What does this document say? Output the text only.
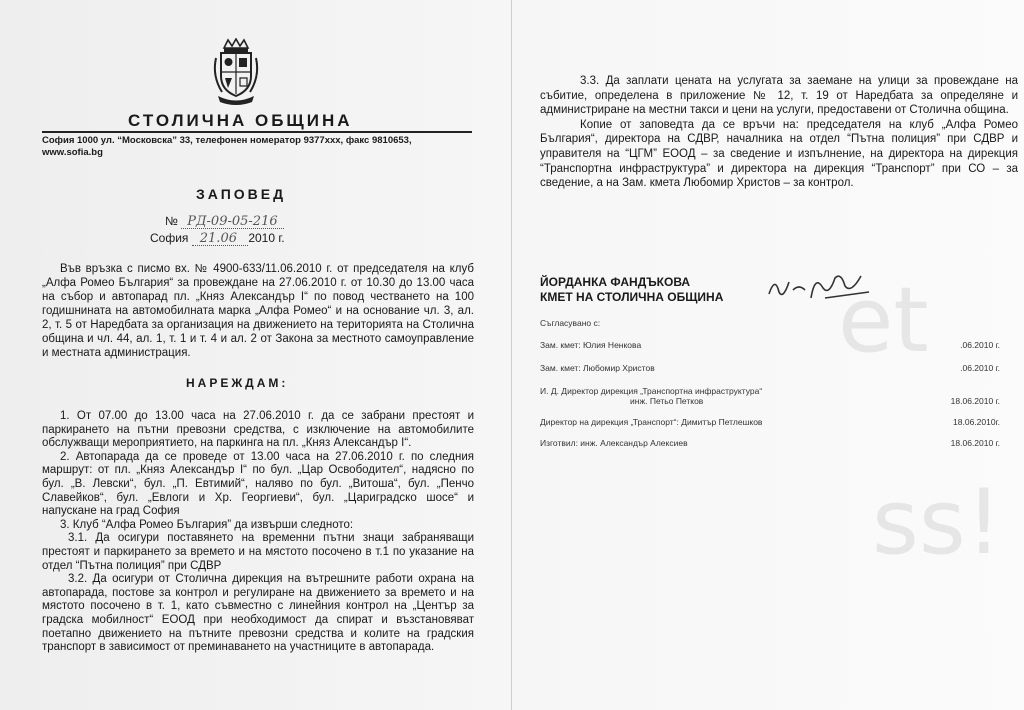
et
ss!
СТОЛИЧНА ОБЩИНА
София 1000 ул. “Московска” 33, телефонен номератор 9377xxx, факс 9810653,
www.sofia.bg
ЗАПОВЕД
№ РД-09-05-216
София 21.06 2010 г.
Във връзка с писмо вх. № 4900-633/11.06.2010 г. от председателя на клуб „Алфа Ромео България“ за провеждане на 27.06.2010 г. от 10.30 до 13.00 часа на събор и автопарад пл. „Княз Александър I“ по повод честването на 100 годишнината на автомобилната марка „Алфа Ромео“ и на основание чл. 3, ал. 2, т. 5 от Наредбата за организация на движението на територията на Столична община и чл. 44, ал. 1, т. 1 и т. 4 и ал. 2 от Закона за местното самоуправление и местната администрация.
НАРЕЖДАМ:

1. От 07.00 до 13.00 часа на 27.06.2010 г. да се забрани престоят и паркирането на пътни превозни средства, с изключение на автомобилите обслужващи мероприятието, на паркинга на пл. „Княз Александър I“.

2. Автопарада да се проведе от 13.00 часа на 27.06.2010 г. по следния маршрут: от пл. „Княз Александър I“ по бул. „Цар Освободител“, надясно по бул. „В. Левски“, бул. „П. Евтимий“, наляво по бул. „Витоша“, бул. „Пенчо Славейков“, бул. „Евлоги и Хр. Георгиеви“, бул. „Цариградско шосе“ и напускане на град София

3. Клуб “Алфа Ромео България” да извърши следното:

3.1. Да осигури поставянето на временни пътни знаци забраняващи престоят и паркирането за времето и на мястото посочено в т.1 по указание на отдел “Пътна полиция” при СДВР

3.2. Да осигури от Столична дирекция на вътрешните работи охрана на автопарада, постове за контрол и регулиране на движението за времето и на мястото посочено в т. 1, като съвместно с линейния контрол на „Център за градска мобилност“ ЕООД при необходимост да спират и възстановяват поетапно движението на пътните превозни средства и колите на градския транспорт в зависимост от преминаването на участниците в автопарада.

3.3. Да заплати цената на услугата за заемане на улици за провеждане на събитие, определена в приложение № 12, т. 19 от Наредбата за определяне и администриране на местни такси и цени на услуги, предоставени от Столична община.

Копие от заповедта да се връчи на: председателя на клуб „Алфа Ромео България“, директора на СДВР, началника на отдел “Пътна полиция” при СДВР и управителя на “ЦГМ” ЕООД – за сведение и изпълнение, на директора на дирекция “Транспортна инфраструктура” и директора на дирекция “Транспорт” при СО – за сведение, а на Зам. кмета Любомир Христов – за контрол.

ЙОРДАНКА ФАНДЪКОВА
КМЕТ НА СТОЛИЧНА ОБЩИНА
Съгласувано с:
Зам. кмет: Юлия Ненкова	.06.2010 г.
Зам. кмет: Любомир Христов	.06.2010 г.
И. Д. Директор дирекция „Транспортна инфраструктура“
инж. Петьо Петков	18.06.2010 г.
Директор на дирекция „Транспорт“: Димитър Петлешков	18.06.2010г.
Изготвил: инж. Александър Алексиев	18.06.2010 г.
